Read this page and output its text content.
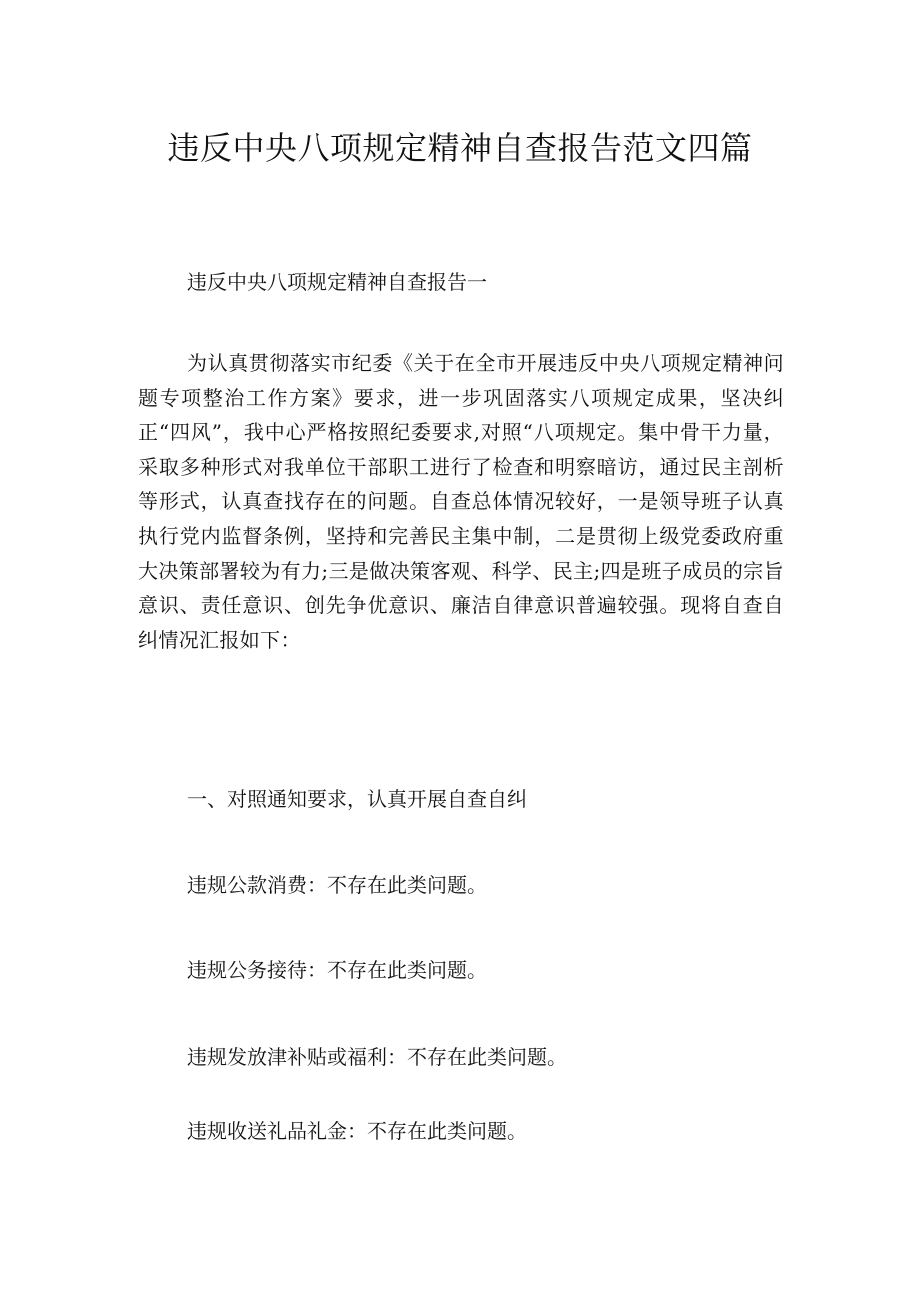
违反中央八项规定精神自查报告范文四篇

违反中央八项规定精神自查报告一

为认真贯彻落实市纪委《关于在全市开展违反中央八项规定精神问题专项整治工作方案》要求，进一步巩固落实八项规定成果，坚决纠正“四风”，我中心严格按照纪委要求,对照“八项规定。集中骨干力量，采取多种形式对我单位干部职工进行了检查和明察暗访，通过民主剖析等形式，认真查找存在的问题。自查总体情况较好，一是领导班子认真执行党内监督条例，坚持和完善民主集中制，二是贯彻上级党委政府重大决策部署较为有力;三是做决策客观、科学、民主;四是班子成员的宗旨意识、责任意识、创先争优意识、廉洁自律意识普遍较强。现将自查自纠情况汇报如下：

一、对照通知要求，认真开展自查自纠

违规公款消费：不存在此类问题。

违规公务接待：不存在此类问题。

违规发放津补贴或福利：不存在此类问题。

违规收送礼品礼金：不存在此类问题。
